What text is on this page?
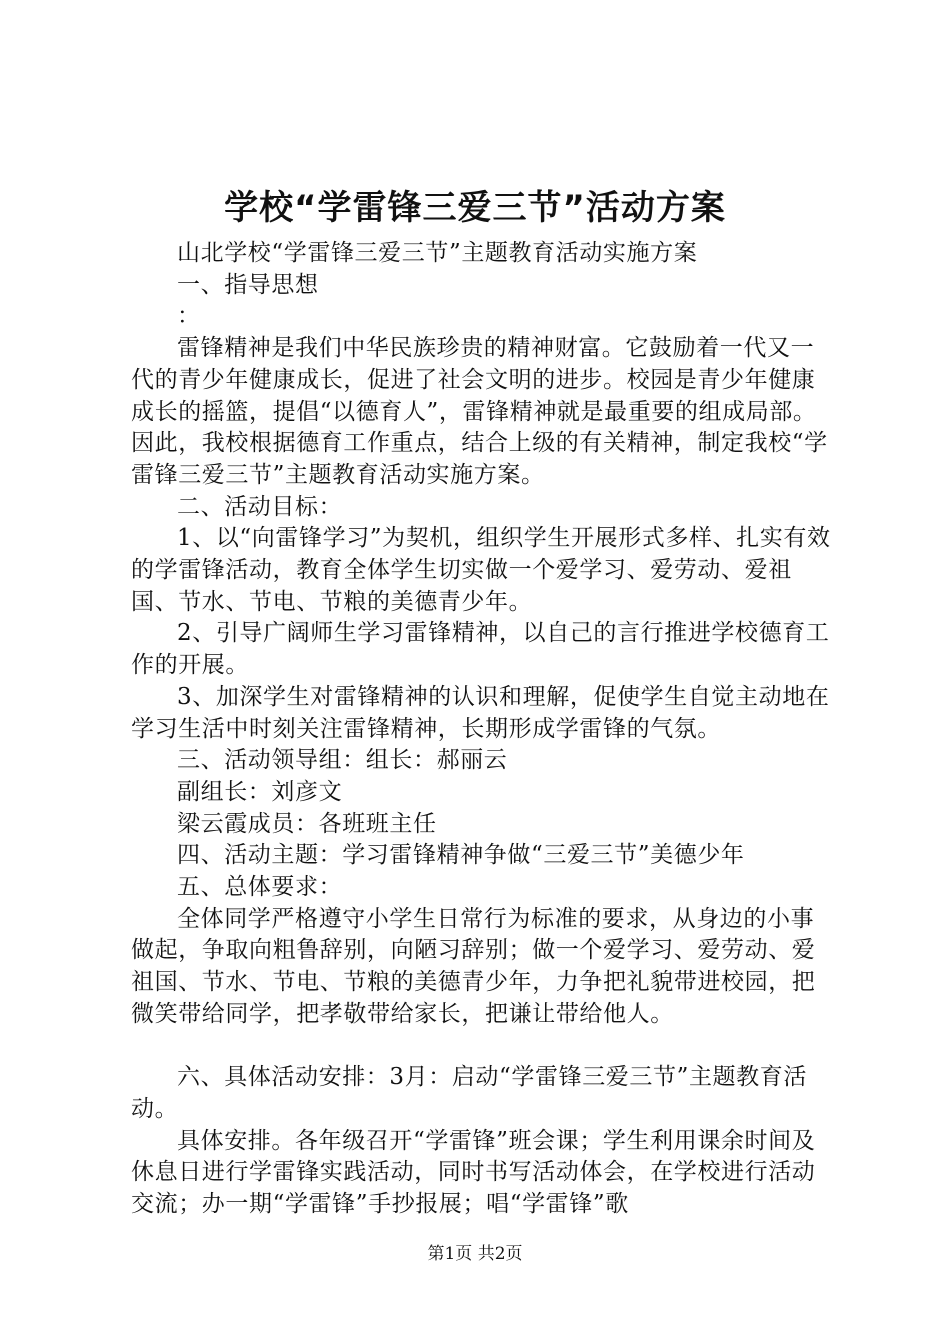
学校“学雷锋三爱三节”活动方案

山北学校“学雷锋三爱三节”主题教育活动实施方案

一、指导思想

：

雷锋精神是我们中华民族珍贵的精神财富。它鼓励着一代又一代的青少年健康成长，促进了社会文明的进步。校园是青少年健康成长的摇篮，提倡“以德育人”，雷锋精神就是最重要的组成局部。因此，我校根据德育工作重点，结合上级的有关精神，制定我校“学雷锋三爱三节”主题教育活动实施方案。

二、活动目标：

1、以“向雷锋学习”为契机，组织学生开展形式多样、扎实有效的学雷锋活动，教育全体学生切实做一个爱学习、爱劳动、爱祖国、节水、节电、节粮的美德青少年。

2、引导广阔师生学习雷锋精神，以自己的言行推进学校德育工作的开展。

3、加深学生对雷锋精神的认识和理解，促使学生自觉主动地在学习生活中时刻关注雷锋精神，长期形成学雷锋的气氛。

三、活动领导组：组长：郝丽云

副组长：刘彦文

梁云霞成员：各班班主任

四、活动主题：学习雷锋精神争做“三爱三节”美德少年

五、总体要求：

全体同学严格遵守小学生日常行为标准的要求，从身边的小事做起，争取向粗鲁辞别，向陋习辞别；做一个爱学习、爱劳动、爱祖国、节水、节电、节粮的美德青少年，力争把礼貌带进校园，把微笑带给同学，把孝敬带给家长，把谦让带给他人。

六、具体活动安排：3月：启动“学雷锋三爱三节”主题教育活动。

具体安排。各年级召开“学雷锋”班会课；学生利用课余时间及休息日进行学雷锋实践活动，同时书写活动体会，在学校进行活动交流；办一期“学雷锋”手抄报展；唱“学雷锋”歌

第1页 共2页
